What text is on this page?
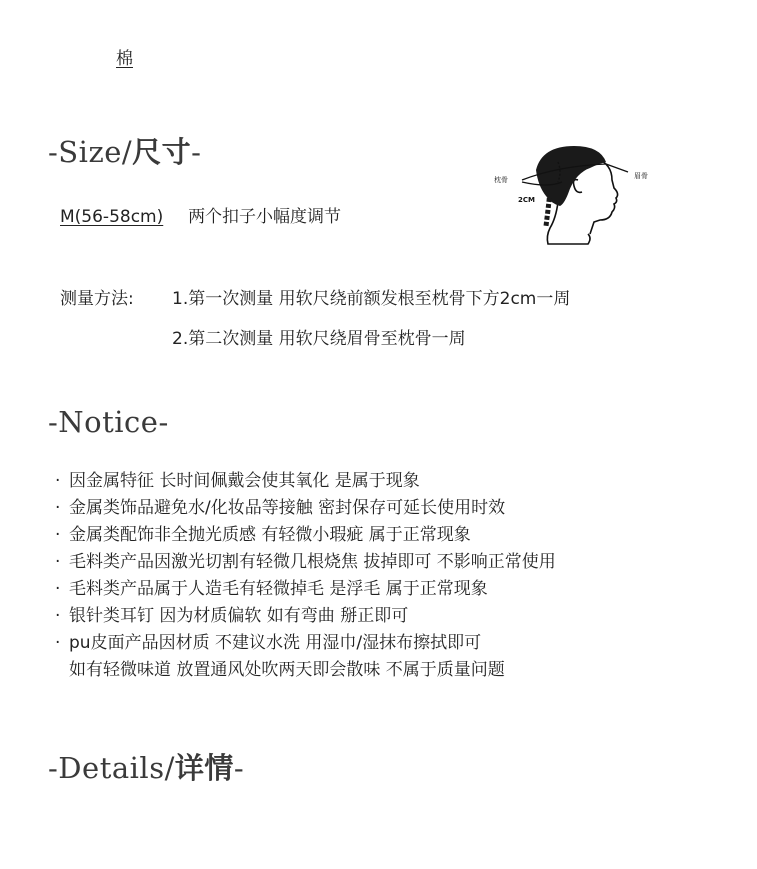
棉
-Size/尺寸-
M(56-58cm) 两个扣子小幅度调节
枕骨	眉骨
2CM
测量方法: 1.第一次测量 用软尺绕前额发根至枕骨下方2cm一周
2.第二次测量 用软尺绕眉骨至枕骨一周
-Notice-
· 因金属特征 长时间佩戴会使其氧化 是属于现象
· 金属类饰品避免水/化妆品等接触 密封保存可延长使用时效
· 金属类配饰非全抛光质感 有轻微小瑕疵 属于正常现象
· 毛料类产品因激光切割有轻微几根烧焦 拔掉即可 不影响正常使用
· 毛料类产品属于人造毛有轻微掉毛 是浮毛 属于正常现象
· 银针类耳钉 因为材质偏软 如有弯曲 掰正即可
· pu皮面产品因材质 不建议水洗 用湿巾/湿抹布擦拭即可
如有轻微味道 放置通风处吹两天即会散味 不属于质量问题
-Details/详情-
